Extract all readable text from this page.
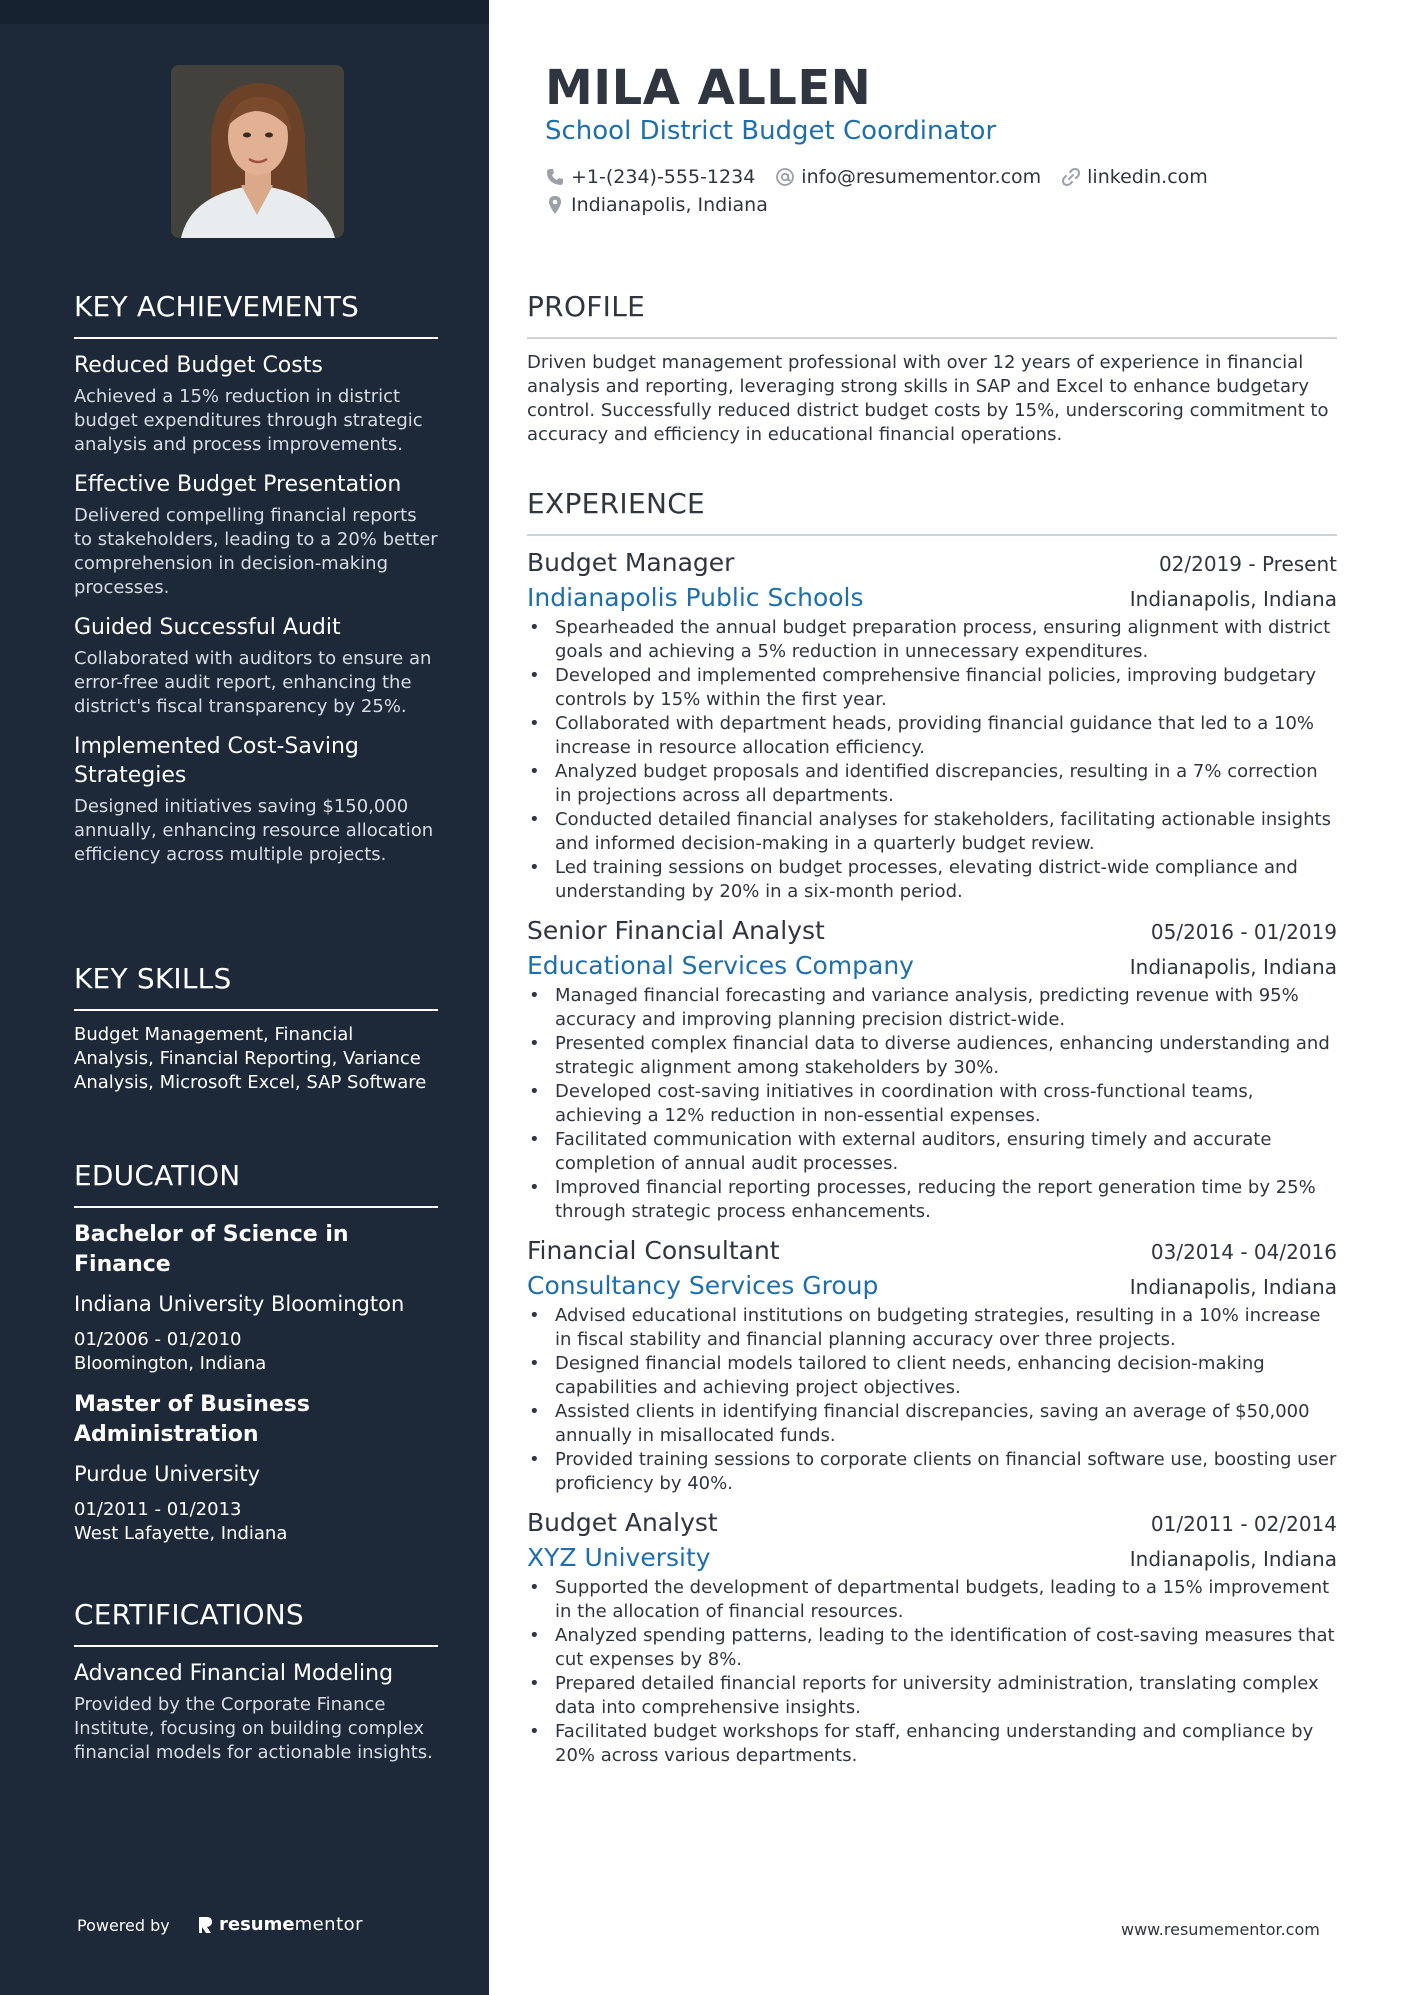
KEY ACHIEVEMENTS
Reduced Budget Costs
Achieved a 15% reduction in district budget expenditures through strategic analysis and process improvements.
Effective Budget Presentation
Delivered compelling financial reports to stakeholders, leading to a 20% better comprehension in decision-making processes.
Guided Successful Audit
Collaborated with auditors to ensure an error-free audit report, enhancing the district's fiscal transparency by 25%.
Implemented Cost-Saving Strategies
Designed initiatives saving $150,000 annually, enhancing resource allocation efficiency across multiple projects.
KEY SKILLS
Budget Management, Financial Analysis, Financial Reporting, Variance Analysis, Microsoft Excel, SAP Software
EDUCATION
Bachelor of Science in Finance
Indiana University Bloomington
01/2006 - 01/2010
Bloomington, Indiana
Master of Business Administration
Purdue University
01/2011 - 01/2013
West Lafayette, Indiana
CERTIFICATIONS
Advanced Financial Modeling
Provided by the Corporate Finance Institute, focusing on building complex financial models for actionable insights.
Powered by	resume mentor
MILA ALLEN
School District Budget Coordinator
+1-(234)-555-1234 info@resumementor.com linkedin.com
Indianapolis, Indiana
PROFILE

Driven budget management professional with over 12 years of experience in financial analysis and reporting, leveraging strong skills in SAP and Excel to enhance budgetary control. Successfully reduced district budget costs by 15%, underscoring commitment to accuracy and efficiency in educational financial operations.

EXPERIENCE
Budget Manager	02/2019 - Present
Indianapolis Public Schools	Indianapolis, Indiana
• Spearheaded the annual budget preparation process, ensuring alignment with district goals and achieving a 5% reduction in unnecessary expenditures.
• Developed and implemented comprehensive financial policies, improving budgetary controls by 15% within the first year.
• Collaborated with department heads, providing financial guidance that led to a 10% increase in resource allocation efficiency.
• Analyzed budget proposals and identified discrepancies, resulting in a 7% correction in projections across all departments.
• Conducted detailed financial analyses for stakeholders, facilitating actionable insights and informed decision-making in a quarterly budget review.
• Led training sessions on budget processes, elevating district-wide compliance and understanding by 20% in a six-month period.
Senior Financial Analyst	05/2016 - 01/2019
Educational Services Company	Indianapolis, Indiana
• Managed financial forecasting and variance analysis, predicting revenue with 95% accuracy and improving planning precision district-wide.
• Presented complex financial data to diverse audiences, enhancing understanding and strategic alignment among stakeholders by 30%.
• Developed cost-saving initiatives in coordination with cross-functional teams, achieving a 12% reduction in non-essential expenses.
• Facilitated communication with external auditors, ensuring timely and accurate completion of annual audit processes.
• Improved financial reporting processes, reducing the report generation time by 25% through strategic process enhancements.
Financial Consultant	03/2014 - 04/2016
Consultancy Services Group	Indianapolis, Indiana
• Advised educational institutions on budgeting strategies, resulting in a 10% increase in fiscal stability and financial planning accuracy over three projects.
• Designed financial models tailored to client needs, enhancing decision-making capabilities and achieving project objectives.
• Assisted clients in identifying financial discrepancies, saving an average of $50,000 annually in misallocated funds.
• Provided training sessions to corporate clients on financial software use, boosting user proficiency by 40%.
Budget Analyst	01/2011 - 02/2014
XYZ University	Indianapolis, Indiana
• Supported the development of departmental budgets, leading to a 15% improvement in the allocation of financial resources.
• Analyzed spending patterns, leading to the identification of cost-saving measures that cut expenses by 8%.
• Prepared detailed financial reports for university administration, translating complex data into comprehensive insights.
• Facilitated budget workshops for staff, enhancing understanding and compliance by 20% across various departments.
www.resumementor.com
